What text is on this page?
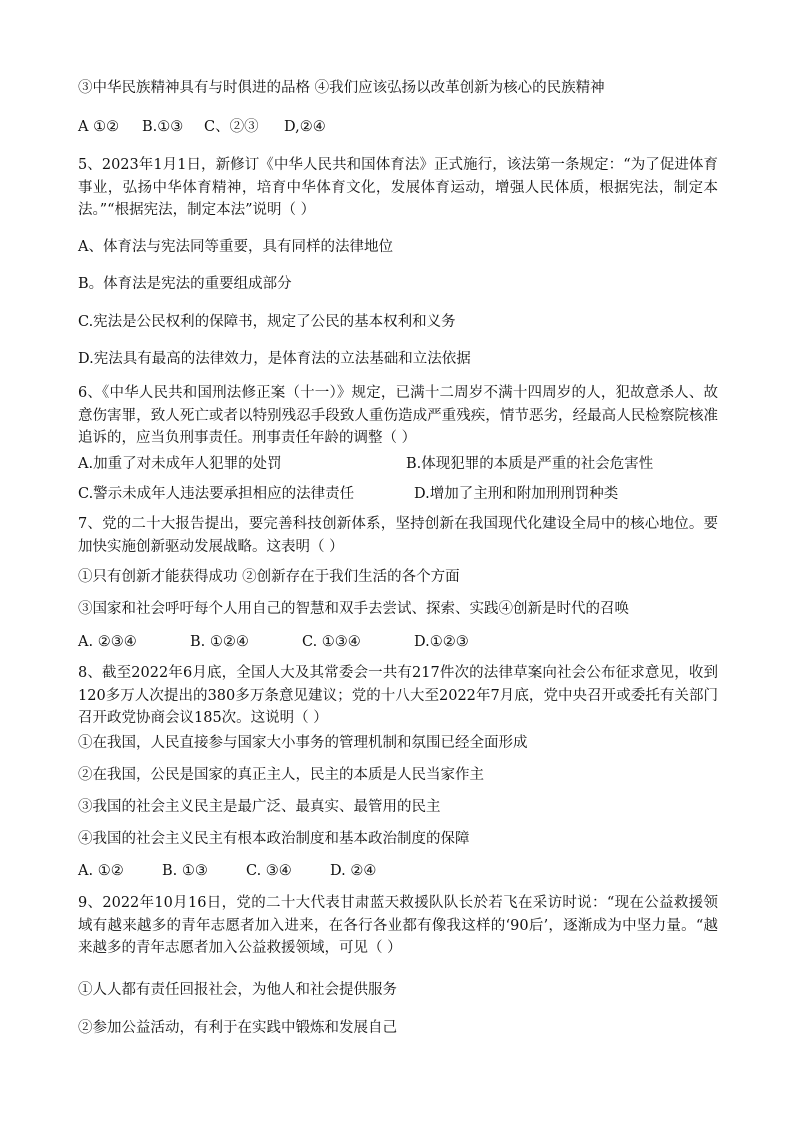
③中华民族精神具有与时俱进的品格 ④我们应该弘扬以改革创新为核心的民族精神
A ①② B.①③ C、②③ D,②④
5、2023年1月1日，新修订《中华人民共和国体育法》正式施行，该法第一条规定：“为了促进体育事业，弘扬中华体育精神，培育中华体育文化，发展体育运动，增强人民体质，根据宪法，制定本法。”“根据宪法，制定本法”说明（ ）
A、体育法与宪法同等重要，具有同样的法律地位
B。体育法是宪法的重要组成部分
C.宪法是公民权利的保障书，规定了公民的基本权利和义务
D.宪法具有最高的法律效力，是体育法的立法基础和立法依据
6、《中华人民共和国刑法修正案（十一）》规定，已满十二周岁不满十四周岁的人，犯故意杀人、故意伤害罪，致人死亡或者以特别残忍手段致人重伤造成严重残疾，情节恶劣，经最高人民检察院核准追诉的，应当负刑事责任。刑事责任年龄的调整（ ）
A.加重了对未成年人犯罪的处罚	B.体现犯罪的本质是严重的社会危害性
C.警示未成年人违法要承担相应的法律责任	D.增加了主刑和附加刑刑罚种类
7、党的二十大报告提出，要完善科技创新体系，坚持创新在我国现代化建设全局中的核心地位。要加快实施创新驱动发展战略。这表明（ ）
①只有创新才能获得成功 ②创新存在于我们生活的各个方面
③国家和社会呼吁每个人用自己的智慧和双手去尝试、探索、实践④创新是时代的召唤
A. ②③④	B. ①②④	C. ①③④	D.①②③
8、截至2022年6月底，全国人大及其常委会一共有217件次的法律草案向社会公布征求意见，收到120多万人次提出的380多万条意见建议；党的十八大至2022年7月底，党中央召开或委托有关部门召开政党协商会议185次。这说明（ ）
①在我国，人民直接参与国家大小事务的管理机制和氛围已经全面形成
②在我国，公民是国家的真正主人，民主的本质是人民当家作主
③我国的社会主义民主是最广泛、最真实、最管用的民主
④我国的社会主义民主有根本政治制度和基本政治制度的保障
A. ①②	B. ①③	C. ③④	D. ②④
9、2022年10月16日，党的二十大代表甘肃蓝天救援队队长於若飞在采访时说：“现在公益救援领域有越来越多的青年志愿者加入进来，在各行各业都有像我这样的‘90后’，逐渐成为中坚力量。“越来越多的青年志愿者加入公益救援领域，可见（ ）
①人人都有责任回报社会，为他人和社会提供服务
②参加公益活动，有利于在实践中锻炼和发展自己
